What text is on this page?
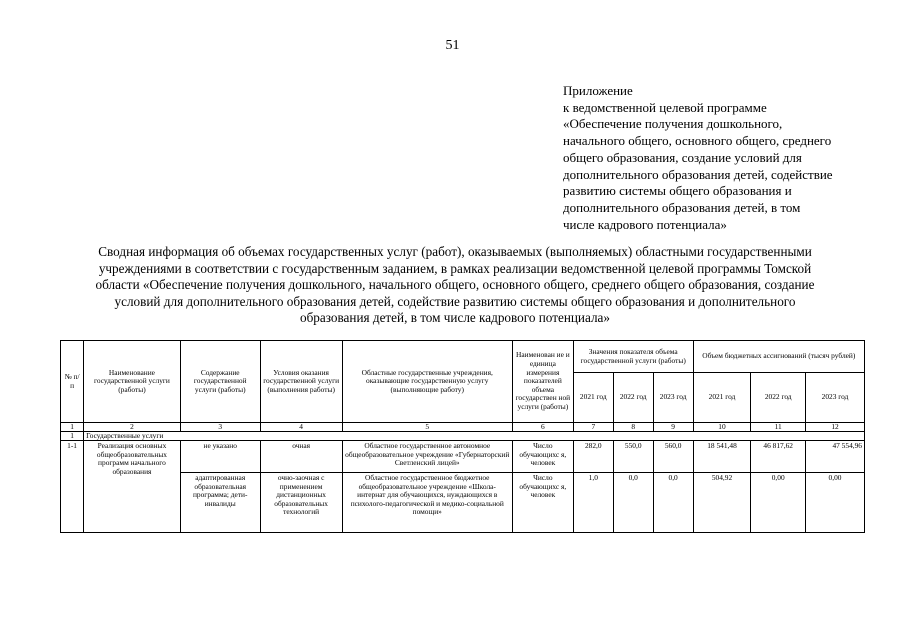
51
Приложение
к ведомственной целевой программе
«Обеспечение получения дошкольного,
начального общего, основного общего, среднего
общего образования, создание условий для
дополнительного образования детей, содействие
развитию системы общего образования и
дополнительного образования детей, в том
числе кадрового потенциала»
Сводная информация об объемах государственных услуг (работ), оказываемых (выполняемых) областными государственными
учреждениями в соответствии с государственным заданием, в рамках реализации ведомственной целевой программы Томской
области «Обеспечение получения дошкольного, начального общего, основного общего, среднего общего образования, создание
условий для дополнительного образования детей, содействие развитию системы общего образования и дополнительного
образования детей, в том числе кадрового потенциала»
№ п/п	Наименование государственной услуги (работы)	Содержание государственной услуги (работы)	Условия оказания государственной услуги (выполнения работы)	Областные государственные учреждения, оказывающие государственную услугу (выполняющие работу)	Наименован ие и единица измерения показателей объема государствен ной услуги (работы)	Значения показателя объема государственной услуги (работы)			Объем бюджетных ассигнований (тысяч рублей)		
						2021 год	2022 год	2023 год	2021 год	2022 год	2023 год
1	2	3	4	5	6	7	8	9	10	11	12
1	Государственные услуги										
1-1	Реализация основных общеобразовательных программ начального образования	не указано	очная	Областное государственное автономное общеобразовательное учреждение «Губернаторский Светленский лицей»	Число обучающихс я, человек	282,0	550,0	560,0	18 541,48	46 817,62	47 554,96
		адаптированная образовательная программа; дети-инвалиды	очно-заочная с применением дистанционных образовательных технологий	Областное государственное бюджетное общеобразовательное учреждение «Школа-интернат для обучающихся, нуждающихся в психолого-педагогической и медико-социальной помощи»	Число обучающихс я, человек	1,0	0,0	0,0	504,92	0,00	0,00
